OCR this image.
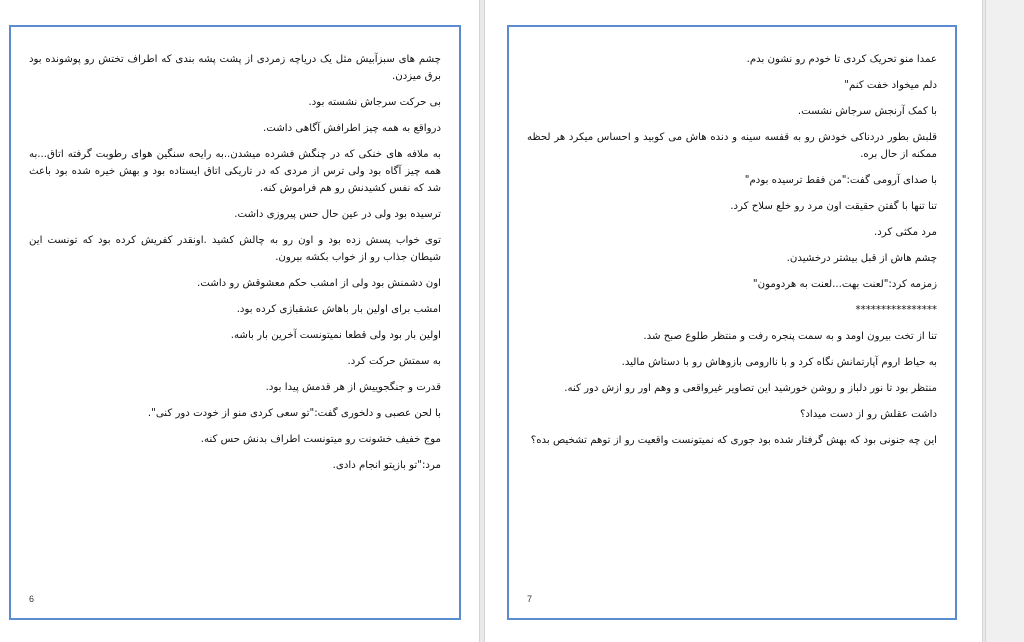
چشم های سبزآبیش مثل یک دریاچه زمردی از پشت پشه بندی که اطراف تختش رو پوشونده بود برق میزدن.

بی حرکت سرجاش نشسته بود.

درواقع به همه چیز اطرافش آگاهی داشت.

به ملافه های خنکی که در چنگش فشرده میشدن..به رایحه سنگین هوای رطوبت گرفته اتاق...به همه چیز آگاه بود ولی ترس از مردی که در تاریکی اتاق ایستاده بود و بهش خیره شده بود باعث شد که نفس کشیدنش رو هم فراموش کنه.

ترسیده بود ولی در عین حال حس پیروزی داشت.

توی خواب پسش زده بود و اون رو به چالش کشید .اونقدر کفریش کرده بود که تونست این شیطان جذاب رو از خواب بکشه بیرون.

اون دشمنش بود ولی از امشب حکم معشوقش رو داشت.

امشب برای اولین بار باهاش عشقبازی کرده بود.

اولین بار بود ولی قطعا نمیتونست آخرین بار باشه.

به سمتش حرکت کرد.

قدرت و جنگجوییش از هر قدمش پیدا بود.

با لحن عصبی و دلخوری گفت:"تو سعی کردی منو از خودت دور کنی".

موج خفیف خشونت رو میتونست اطراف بدنش حس کنه.

مرد:"تو بازیتو انجام دادی.

6

عمدا منو تحریک کردی تا خودم رو نشون بدم.

دلم میخواد خفت کنم"

با کمک آرنجش سرجاش نشست.

قلبش بطور دردناکی خودش رو به قفسه سینه و دنده هاش می کوبید و احساس میکرد هر لحظه ممکنه از حال بره.

با صدای آرومی گفت:"من فقط ترسیده بودم"

تنا تنها با گفتن حقیقت اون مرد رو خلع سلاح کرد.

مرد مکثی کرد.

چشم هاش از قبل بیشتر درخشیدن.

زمزمه کرد:"لعنت بهت...لعنت به هردومون"

****************

تنا از تخت بیرون اومد و به سمت پنجره رفت و منتظر طلوع صبح شد.

به حیاط اروم آپارتمانش نگاه کرد و با ناارومی بازوهاش رو با دستاش مالید.

منتظر بود تا نور دلباز و روشن خورشید این تصاویر غیرواقعی و وهم اور رو ازش دور کنه.

داشت عقلش رو از دست میداد؟

این چه جنونی بود که بهش گرفتار شده بود جوری که نمیتونست واقعیت رو از توهم تشخیص بده؟

7
